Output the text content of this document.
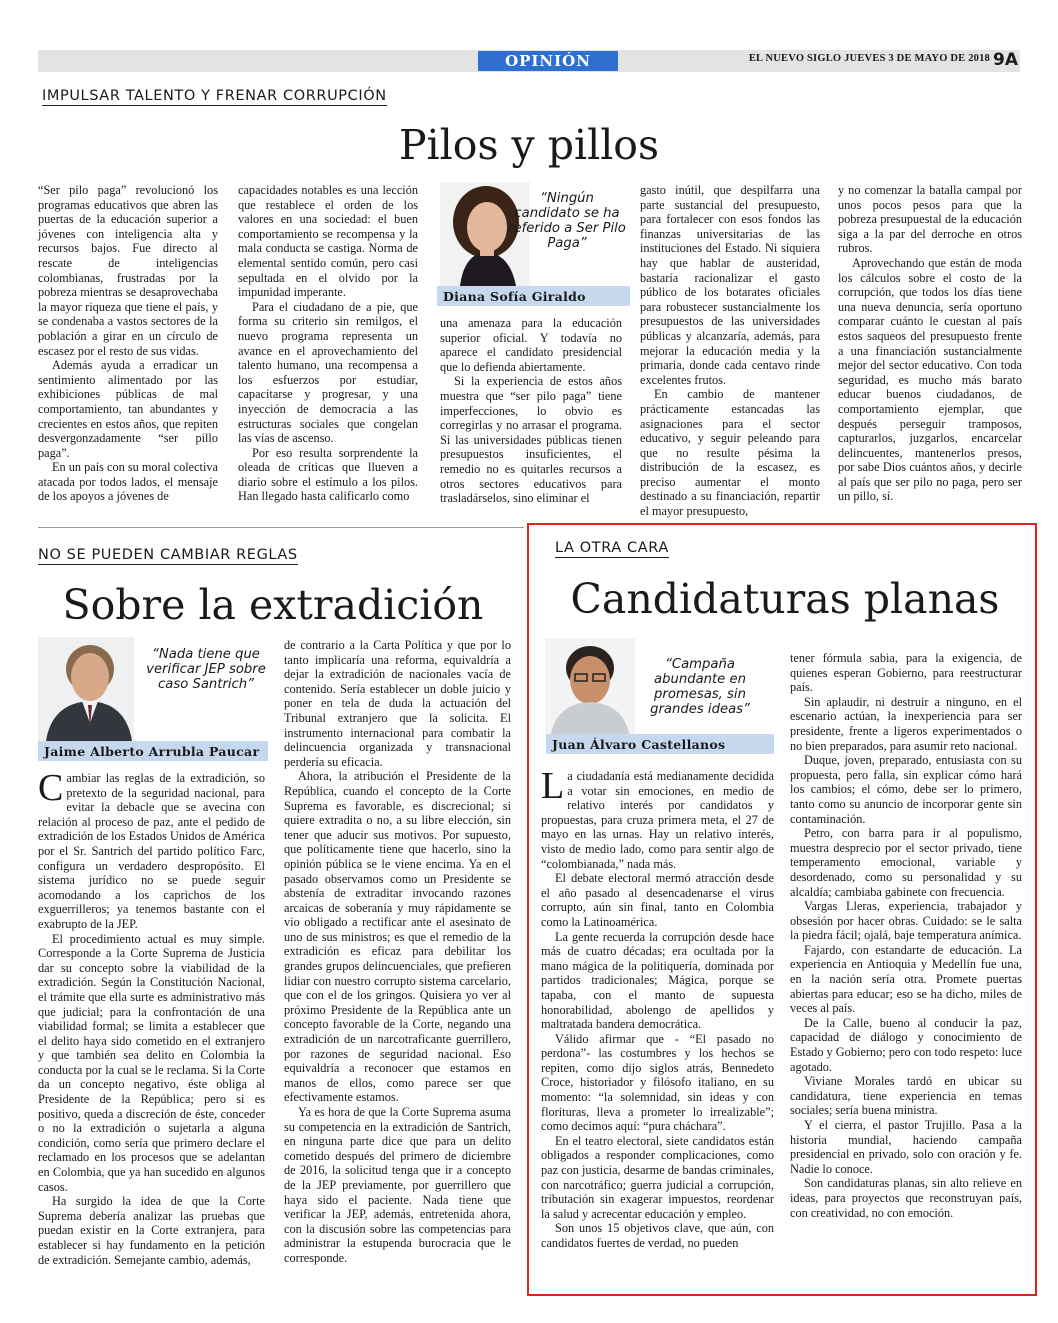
OPINIÓN	EL NUEVO SIGLO JUEVES 3 DE MAYO DE 2018 9A
IMPULSAR TALENTO Y FRENAR CORRUPCIÓN
Pilos y pillos

“Ser pilo paga” revolucionó los programas educativos que abren las puertas de la educación superior a jóvenes con inteligencia alta y recursos bajos. Fue directo al rescate de inteligencias colombianas, frustradas por la pobreza mientras se desaprovechaba la mayor riqueza que tiene el país, y se condenaba a vastos sectores de la población a girar en un círculo de escasez por el resto de sus vidas.

Además ayuda a erradicar un sentimiento alimentado por las exhibiciones públicas de mal comportamiento, tan abundantes y crecientes en estos años, que repiten desvergonzadamente “ser pillo paga”.

En un país con su moral colectiva atacada por todos lados, el mensaje de los apoyos a jóvenes de

capacidades notables es una lección que restablece el orden de los valores en una sociedad: el buen comportamiento se recompensa y la mala conducta se castiga. Norma de elemental sentido común, pero casi sepultada en el olvido por la impunidad imperante.

Para el ciudadano de a pie, que forma su criterio sin remilgos, el nuevo programa representa un avance en el aprovechamiento del talento humano, una recompensa a los esfuerzos por estudiar, capacitarse y progresar, y una inyección de democracia a las estructuras sociales que congelan las vías de ascenso.

Por eso resulta sorprendente la oleada de críticas que llueven a diario sobre el estímulo a los pilos. Han llegado hasta calificarlo como

“Ningún candidato se ha referido a Ser Pilo Paga”
Diana Sofía Giraldo

una amenaza para la educación superior oficial. Y todavía no aparece el candidato presidencial que lo defienda abiertamente.

Si la experiencia de estos años muestra que “ser pilo paga” tiene imperfecciones, lo obvio es corregirlas y no arrasar el programa. Si las universidades públicas tienen presupuestos insuficientes, el remedio no es quitarles recursos a otros sectores educativos para trasladárselos, sino eliminar el

gasto inútil, que despilfarra una parte sustancial del presupuesto, para fortalecer con esos fondos las finanzas universitarias de las instituciones del Estado. Ni siquiera hay que hablar de austeridad, bastaría racionalizar el gasto público de los botarates oficiales para robustecer sustancialmente los presupuestos de las universidades públicas y alcanzaría, además, para mejorar la educación media y la primaria, donde cada centavo rinde excelentes frutos.

En cambio de mantener prácticamente estancadas las asignaciones para el sector educativo, y seguir peleando para que no resulte pésima la distribución de la escasez, es preciso aumentar el monto destinado a su financiación, repartir el mayor presupuesto,

y no comenzar la batalla campal por unos pocos pesos para que la pobreza presupuestal de la educación siga a la par del derroche en otros rubros.

Aprovechando que están de moda los cálculos sobre el costo de la corrupción, que todos los días tiene una nueva denuncia, sería oportuno comparar cuánto le cuestan al país estos saqueos del presupuesto frente a una financiación sustancialmente mejor del sector educativo. Con toda seguridad, es mucho más barato educar buenos ciudadanos, de comportamiento ejemplar, que después perseguir tramposos, capturarlos, juzgarlos, encarcelar delincuentes, mantenerlos presos, por sabe Dios cuántos años, y decirle al país que ser pilo no paga, pero ser un pillo, sí.

NO SE PUEDEN CAMBIAR REGLAS
Sobre la extradición
“Nada tiene que verificar JEP sobre caso Santrich”
Jaime Alberto Arrubla Paucar

Cambiar las reglas de la extradición, so pretexto de la seguridad nacional, para evitar la debacle que se avecina con relación al proceso de paz, ante el pedido de extradición de los Estados Unidos de América por el Sr. Santrich del partido político Farc, configura un verdadero despropósito. El sistema jurídico no se puede seguir acomodando a los caprichos de los exguerrilleros; ya tenemos bastante con el exabrupto de la JEP.

El procedimiento actual es muy simple. Corresponde a la Corte Suprema de Justicia dar su concepto sobre la viabilidad de la extradición. Según la Constitución Nacional, el trámite que ella surte es administrativo más que judicial; para la confrontación de una viabilidad formal; se limita a establecer que el delito haya sido cometido en el extranjero y que también sea delito en Colombia la conducta por la cual se le reclama. Si la Corte da un concepto negativo, éste obliga al Presidente de la República; pero si es positivo, queda a discreción de éste, conceder o no la extradición o sujetarla a alguna condición, como sería que primero declare el reclamado en los procesos que se adelantan en Colombia, que ya han sucedido en algunos casos.

Ha surgido la idea de que la Corte Suprema debería analizar las pruebas que puedan existir en la Corte extranjera, para establecer si hay fundamento en la petición de extradición. Semejante cambio, además,

de contrario a la Carta Política y que por lo tanto implicaría una reforma, equivaldría a dejar la extradición de nacionales vacía de contenido. Sería establecer un doble juicio y poner en tela de duda la actuación del Tribunal extranjero que la solicita. El instrumento internacional para combatir la delincuencia organizada y transnacional perdería su eficacia.

Ahora, la atribución el Presidente de la República, cuando el concepto de la Corte Suprema es favorable, es discrecional; si quiere extradita o no, a su libre elección, sin tener que aducir sus motivos. Por supuesto, que políticamente tiene que hacerlo, sino la opinión pública se le viene encima. Ya en el pasado observamos como un Presidente se abstenía de extraditar invocando razones arcaicas de soberanía y muy rápidamente se vio obligado a rectificar ante el asesinato de uno de sus ministros; es que el remedio de la extradición es eficaz para debilitar los grandes grupos delincuenciales, que prefieren lidiar con nuestro corrupto sistema carcelario, que con el de los gringos. Quisiera yo ver al próximo Presidente de la República ante un concepto favorable de la Corte, negando una extradición de un narcotraficante guerrillero, por razones de seguridad nacional. Eso equivaldría a reconocer que estamos en manos de ellos, como parece ser que efectivamente estamos.

Ya es hora de que la Corte Suprema asuma su competencia en la extradición de Santrich, en ninguna parte dice que para un delito cometido después del primero de diciembre de 2016, la solicitud tenga que ir a concepto de la JEP previamente, por guerrillero que haya sido el paciente. Nada tiene que verificar la JEP, además, entretenida ahora, con la discusión sobre las competencias para administrar la estupenda burocracia que le corresponde.

LA OTRA CARA
Candidaturas planas
“Campaña abundante en promesas, sin grandes ideas”
Juan Álvaro Castellanos

La ciudadanía está medianamente decidida a votar sin emociones, en medio de relativo interés por candidatos y propuestas, para cruza primera meta, el 27 de mayo en las urnas. Hay un relativo interés, visto de medio lado, como para sentir algo de “colombianada,” nada más.

El debate electoral mermó atracción desde el año pasado al desencadenarse el virus corrupto, aún sin final, tanto en Colombia como la Latinoamérica.

La gente recuerda la corrupción desde hace más de cuatro décadas; era ocultada por la mano mágica de la politiquería, dominada por partidos tradicionales; Mágica, porque se tapaba, con el manto de supuesta honorabilidad, abolengo de apellidos y maltratada bandera democrática.

Válido afirmar que - “El pasado no perdona”- las costumbres y los hechos se repiten, como dijo siglos atrás, Bennedeto Croce, historiador y filósofo italiano, en su momento: “la solemnidad, sin ideas y con florituras, lleva a prometer lo irrealizable”; como decimos aquí: “pura cháchara”.

En el teatro electoral, siete candidatos están obligados a responder complicaciones, como paz con justicia, desarme de bandas criminales, con narcotráfico; guerra judicial a corrupción, tributación sin exagerar impuestos, reordenar la salud y acrecentar educación y empleo.

Son unos 15 objetivos clave, que aún, con candidatos fuertes de verdad, no pueden

tener fórmula sabia, para la exigencia, de quienes esperan Gobierno, para reestructurar país.

Sin aplaudir, ni destruir a ninguno, en el escenario actúan, la inexperiencia para ser presidente, frente a ligeros experimentados o no bien preparados, para asumir reto nacional.

Duque, joven, preparado, entusiasta con su propuesta, pero falla, sin explicar cómo hará los cambios; el cómo, debe ser lo primero, tanto como su anuncio de incorporar gente sin contaminación.

Petro, con barra para ir al populismo, muestra desprecio por el sector privado, tiene temperamento emocional, variable y desordenado, como su personalidad y su alcaldía; cambiaba gabinete con frecuencia.

Vargas Lleras, experiencia, trabajador y obsesión por hacer obras. Cuidado: se le salta la piedra fácil; ojalá, baje temperatura anímica.

Fajardo, con estandarte de educación. La experiencia en Antioquia y Medellín fue una, en la nación sería otra. Promete puertas abiertas para educar; eso se ha dicho, miles de veces al país.

De la Calle, bueno al conducir la paz, capacidad de diálogo y conocimiento de Estado y Gobierno; pero con todo respeto: luce agotado.

Viviane Morales tardó en ubicar su candidatura, tiene experiencia en temas sociales; sería buena ministra.

Y el cierra, el pastor Trujillo. Pasa a la historia mundial, haciendo campaña presidencial en privado, solo con oración y fe. Nadie lo conoce.

Son candidaturas planas, sin alto relieve en ideas, para proyectos que reconstruyan país, con creatividad, no con emoción.
